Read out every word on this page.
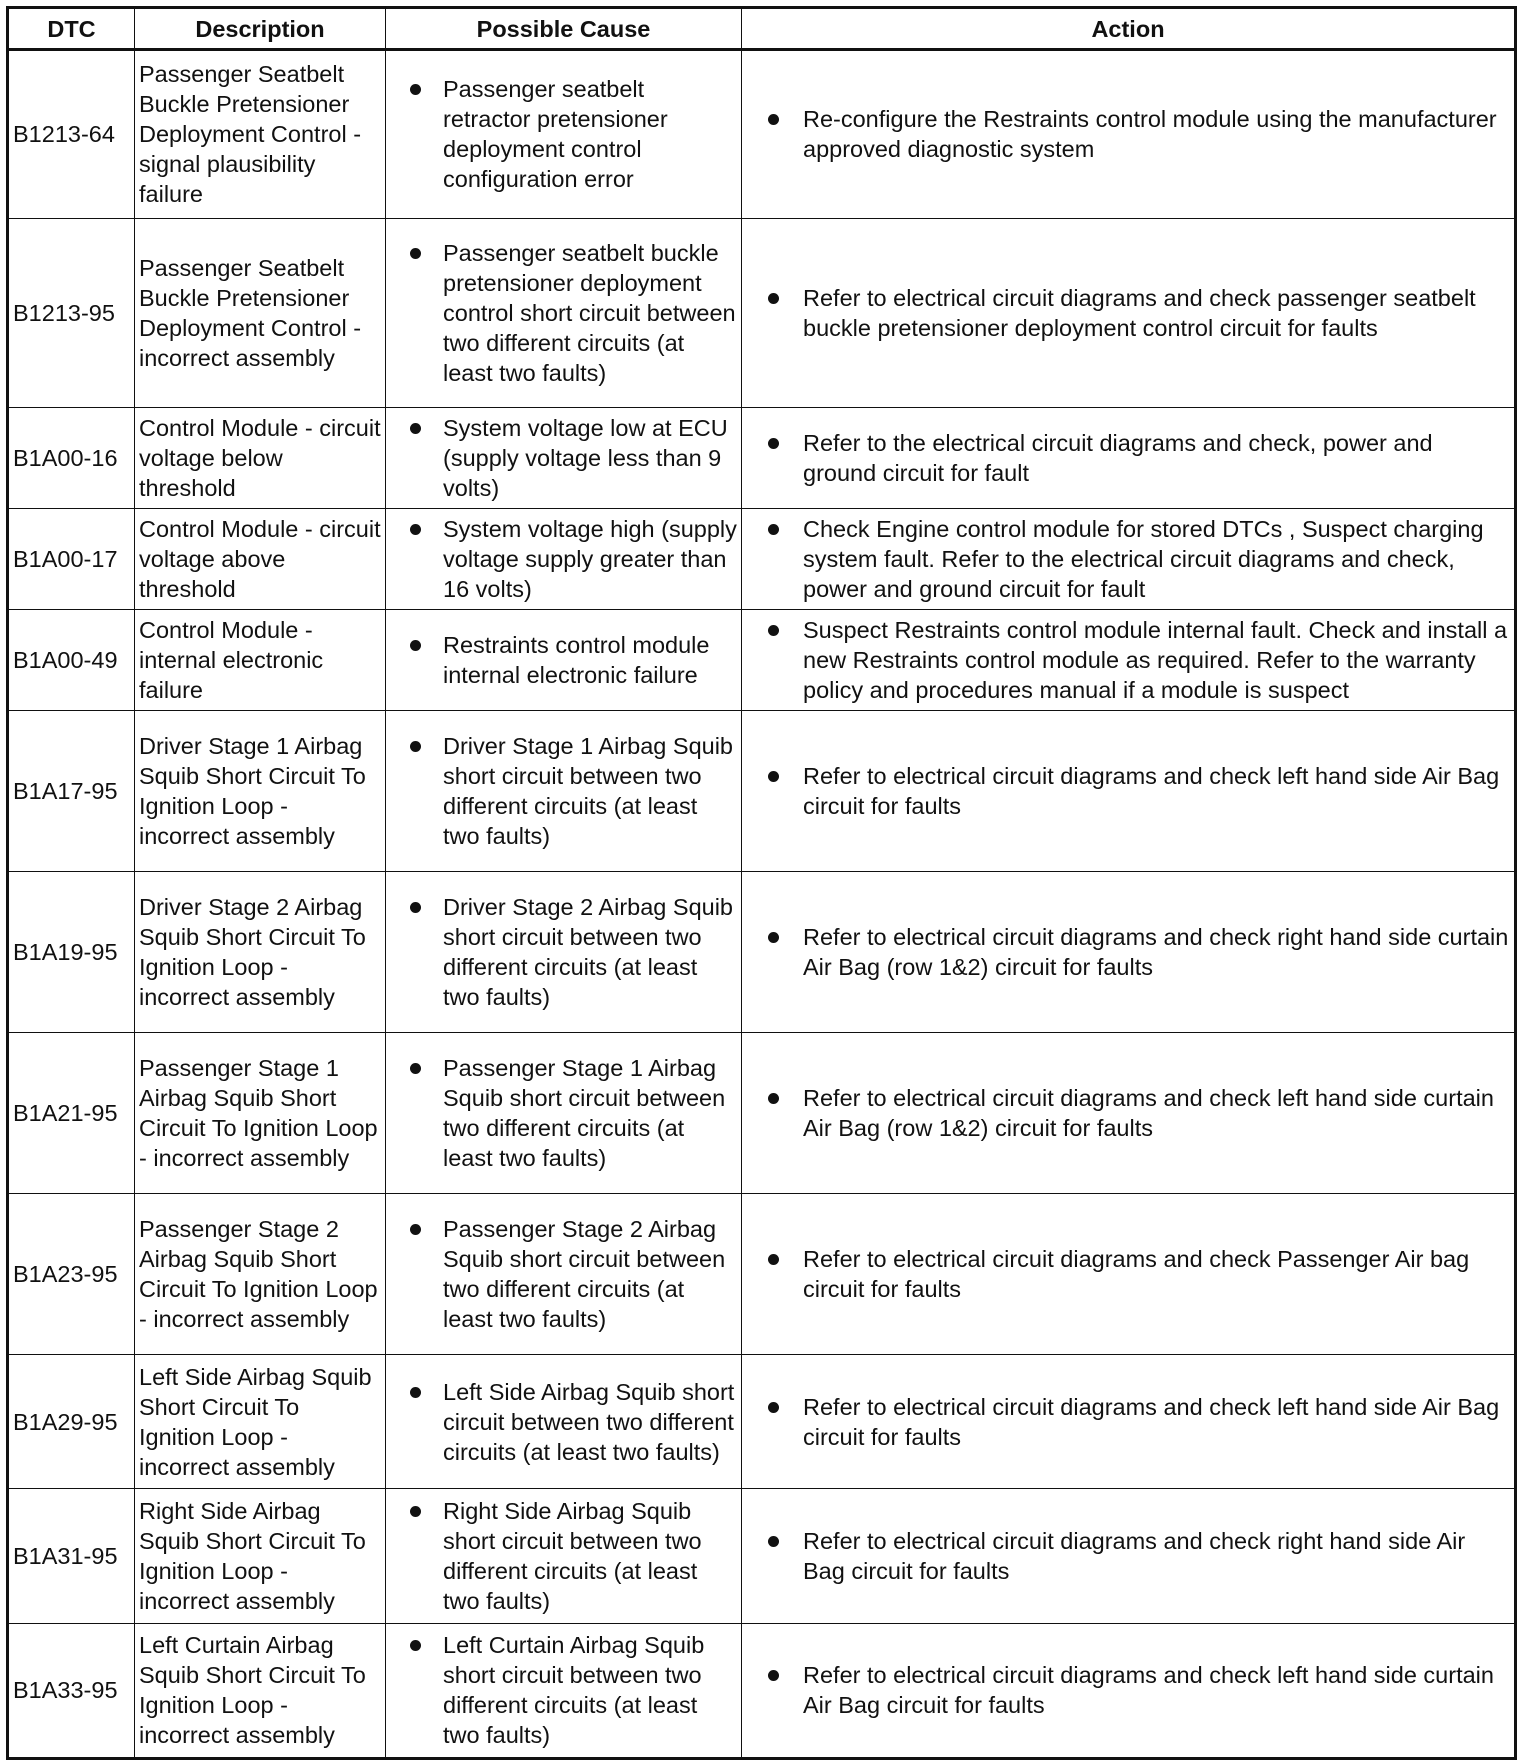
DTC	Description	Possible Cause	Action
B1213-64	Passenger Seatbelt Buckle Pretensioner Deployment Control - signal plausibility failure	Passenger seatbelt retractor pretensioner deployment control configuration error	Re-configure the Restraints control module using the manufacturer approved diagnostic system

B1213-95	Passenger Seatbelt Buckle Pretensioner Deployment Control - incorrect assembly	Passenger seatbelt buckle pretensioner deployment control short circuit between two different circuits (at least two faults)	Refer to electrical circuit diagrams and check passenger seatbelt buckle pretensioner deployment control circuit for faults

B1A00-16	Control Module - circuit voltage below threshold	System voltage low at ECU (supply voltage less than 9 volts)	Refer to the electrical circuit diagrams and check, power and ground circuit for fault

B1A00-17	Control Module - circuit voltage above threshold	System voltage high (supply voltage supply greater than 16 volts)	Check Engine control module for stored DTCs , Suspect charging system fault. Refer to the electrical circuit diagrams and check, power and ground circuit for fault

B1A00-49	Control Module - internal electronic failure	Restraints control module internal electronic failure	Suspect Restraints control module internal fault. Check and install a new Restraints control module as required. Refer to the warranty policy and procedures manual if a module is suspect

B1A17-95	Driver Stage 1 Airbag Squib Short Circuit To Ignition Loop - incorrect assembly	Driver Stage 1 Airbag Squib short circuit between two different circuits (at least two faults)	Refer to electrical circuit diagrams and check left hand side Air Bag circuit for faults

B1A19-95	Driver Stage 2 Airbag Squib Short Circuit To Ignition Loop - incorrect assembly	Driver Stage 2 Airbag Squib short circuit between two different circuits (at least two faults)	Refer to electrical circuit diagrams and check right hand side curtain Air Bag (row 1&2) circuit for faults

B1A21-95	Passenger Stage 1 Airbag Squib Short Circuit To Ignition Loop - incorrect assembly	Passenger Stage 1 Airbag Squib short circuit between two different circuits (at least two faults)	Refer to electrical circuit diagrams and check left hand side curtain Air Bag (row 1&2) circuit for faults

B1A23-95	Passenger Stage 2 Airbag Squib Short Circuit To Ignition Loop - incorrect assembly	Passenger Stage 2 Airbag Squib short circuit between two different circuits (at least two faults)	Refer to electrical circuit diagrams and check Passenger Air bag circuit for faults

B1A29-95	Left Side Airbag Squib Short Circuit To Ignition Loop - incorrect assembly	Left Side Airbag Squib short circuit between two different circuits (at least two faults)	Refer to electrical circuit diagrams and check left hand side Air Bag circuit for faults

B1A31-95	Right Side Airbag Squib Short Circuit To Ignition Loop - incorrect assembly	Right Side Airbag Squib short circuit between two different circuits (at least two faults)	Refer to electrical circuit diagrams and check right hand side Air Bag circuit for faults

B1A33-95	Left Curtain Airbag Squib Short Circuit To Ignition Loop - incorrect assembly	Left Curtain Airbag Squib short circuit between two different circuits (at least two faults)	Refer to electrical circuit diagrams and check left hand side curtain Air Bag circuit for faults
